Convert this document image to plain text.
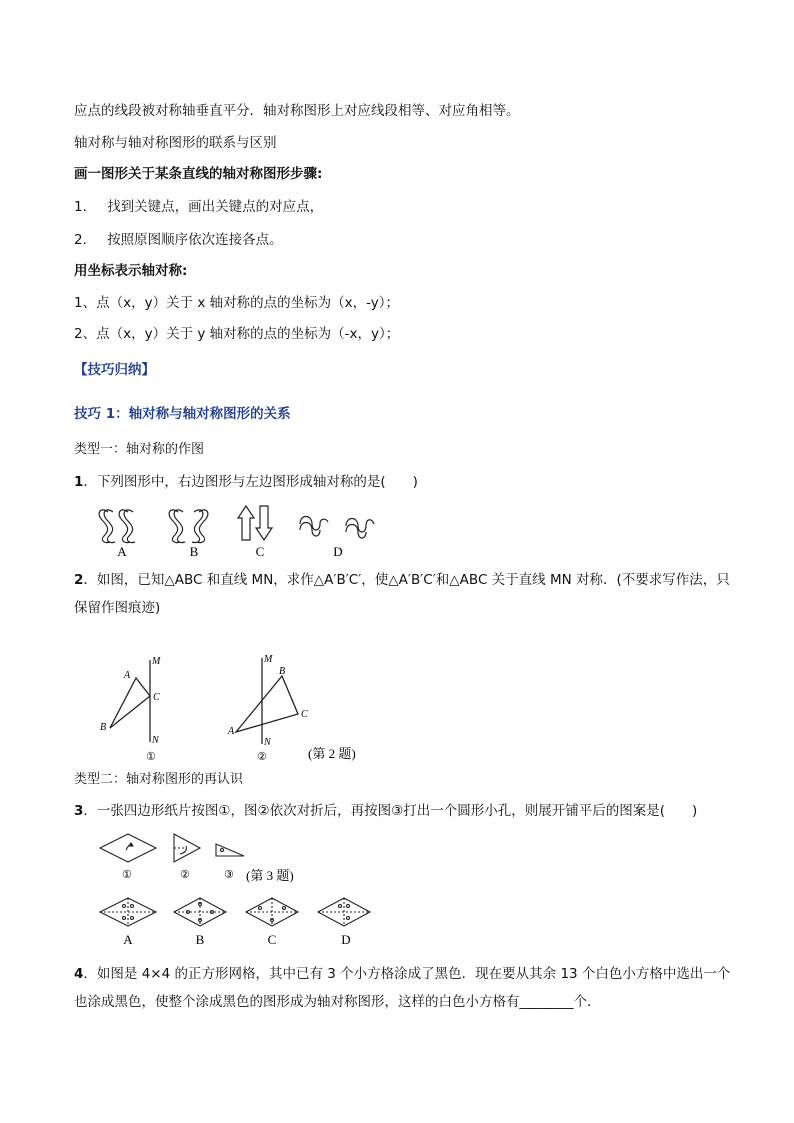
应点的线段被对称轴垂直平分．轴对称图形上对应线段相等、对应角相等。
轴对称与轴对称图形的联系与区别
画一图形关于某条直线的轴对称图形步骤:
1. 找到关键点，画出关键点的对应点，
2. 按照原图顺序依次连接各点。
用坐标表示轴对称:
1、点（x，y）关于 x 轴对称的点的坐标为（x，-y）；
2、点（x，y）关于 y 轴对称的点的坐标为（-x，y）；
【技巧归纳】
技巧 1：轴对称与轴对称图形的关系
类型一：轴对称的作图
1．下列图形中，右边图形与左边图形成轴对称的是(　　)
A	B	C	D
2．如图，已知△ABC 和直线 MN，求作△A′B′C′，使△A′B′C′和△ABC 关于直线 MN 对称．(不要求写作法，只保留作图痕迹)
M
N
A
B
C
M
N
A
B
C
①	②	(第 2 题)
类型二：轴对称图形的再认识
3．一张四边形纸片按图①，图②依次对折后，再按图③打出一个圆形小孔，则展开铺平后的图案是(　　)
①	②	③ (第 3 题)
A	B	C	D
4．如图是 4×4 的正方形网格，其中已有 3 个小方格涂成了黑色．现在要从其余 13 个白色小方格中选出一个也涂成黑色，使整个涂成黑色的图形成为轴对称图形，这样的白色小方格有________个．
